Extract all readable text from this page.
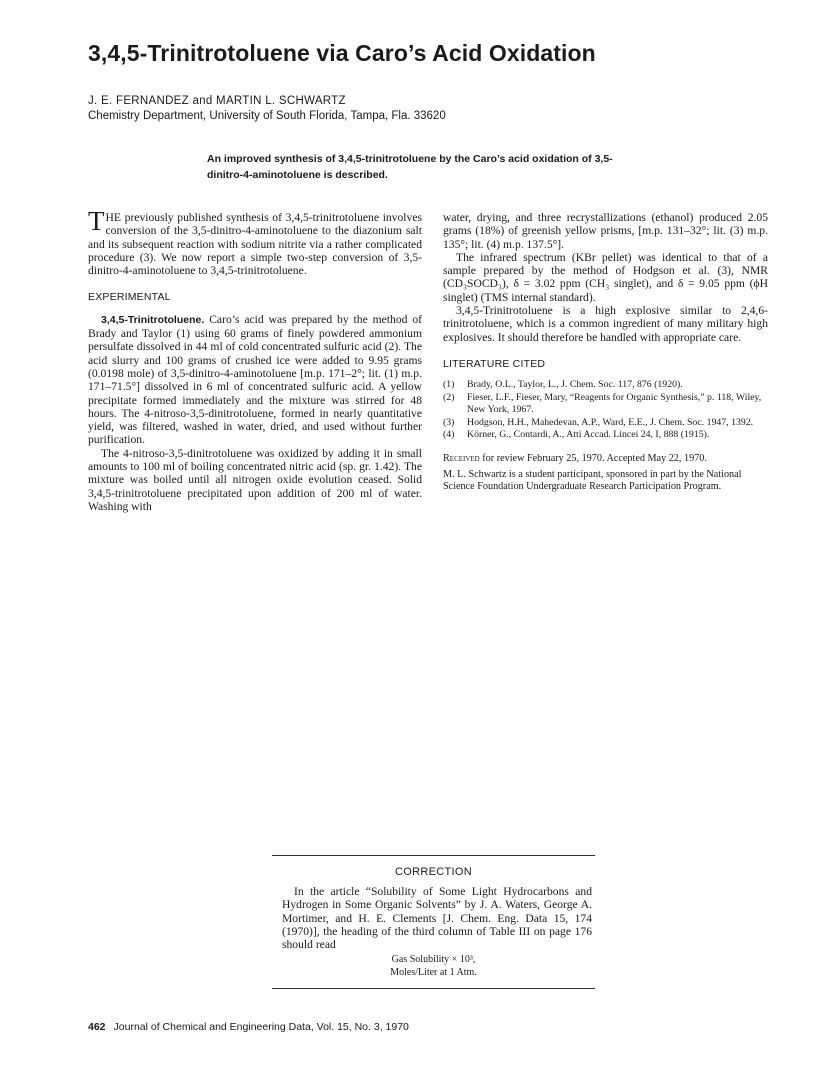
3,4,5-Trinitrotoluene via Caro’s Acid Oxidation
J. E. FERNANDEZ and MARTIN L. SCHWARTZ
Chemistry Department, University of South Florida, Tampa, Fla. 33620
An improved synthesis of 3,4,5-trinitrotoluene by the Caro’s acid oxidation of 3,5-dinitro-4-aminotoluene is described.

THE previously published synthesis of 3,4,5-trinitrotoluene involves conversion of the 3,5-dinitro-4-aminotoluene to the diazonium salt and its subsequent reaction with sodium nitrite via a rather complicated procedure (3). We now report a simple two-step conversion of 3,5-dinitro-4-aminotoluene to 3,4,5-trinitrotoluene.

EXPERIMENTAL

3,4,5-Trinitrotoluene. Caro’s acid was prepared by the method of Brady and Taylor (1) using 60 grams of finely powdered ammonium persulfate dissolved in 44 ml of cold concentrated sulfuric acid (2). The acid slurry and 100 grams of crushed ice were added to 9.95 grams (0.0198 mole) of 3,5-dinitro-4-aminotoluene [m.p. 171–2°; lit. (1) m.p. 171–71.5°] dissolved in 6 ml of concentrated sulfuric acid. A yellow precipitate formed immediately and the mixture was stirred for 48 hours. The 4-nitroso-3,5-dinitrotoluene, formed in nearly quantitative yield, was filtered, washed in water, dried, and used without further purification.

The 4-nitroso-3,5-dinitrotoluene was oxidized by adding it in small amounts to 100 ml of boiling concentrated nitric acid (sp. gr. 1.42). The mixture was boiled until all nitrogen oxide evolution ceased. Solid 3,4,5-trinitrotoluene precipitated upon addition of 200 ml of water. Washing with

water, drying, and three recrystallizations (ethanol) produced 2.05 grams (18%) of greenish yellow prisms, [m.p. 131–32°; lit. (3) m.p. 135°; lit. (4) m.p. 137.5°].

The infrared spectrum (KBr pellet) was identical to that of a sample prepared by the method of Hodgson et al. (3), NMR (CD₃SOCD₃), δ = 3.02 ppm (CH₃ singlet), and δ = 9.05 ppm (ϕH singlet) (TMS internal standard).

3,4,5-Trinitrotoluene is a high explosive similar to 2,4,6-trinitrotoluene, which is a common ingredient of many military high explosives. It should therefore be handled with appropriate care.

LITERATURE CITED
(1)	Brady, O.L., Taylor, L., J. Chem. Soc. 117, 876 (1920).
(2)	Fieser, L.F., Fieser, Mary, “Reagents for Organic Synthesis,” p. 118, Wiley, New York, 1967.
(3)	Hodgson, H.H., Mahedevan, A.P., Ward, E.E., J. Chem. Soc. 1947, 1392.
(4)	Körner, G., Contardi, A., Atti Accad. Lincei 24, I, 888 (1915).
Received for review February 25, 1970. Accepted May 22, 1970.
M. L. Schwartz is a student participant, sponsored in part by the National Science Foundation Undergraduate Research Participation Program.
CORRECTION

In the article “Solubility of Some Light Hydrocarbons and Hydrogen in Some Organic Solvents” by J. A. Waters, George A. Mortimer, and H. E. Clements [J. Chem. Eng. Data 15, 174 (1970)], the heading of the third column of Table III on page 176 should read

Gas Solubility × 10³,
Moles/Liter at 1 Atm.
462 Journal of Chemical and Engineering Data, Vol. 15, No. 3, 1970
